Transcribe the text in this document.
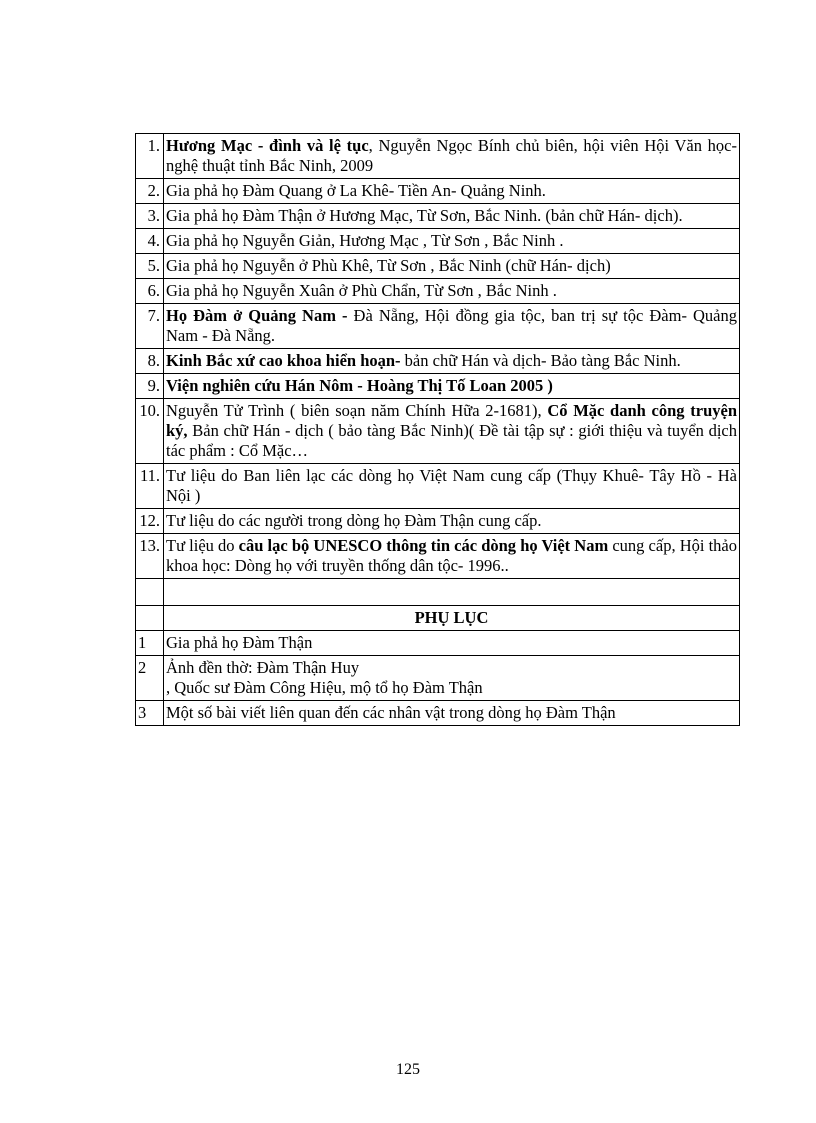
1.	Hương Mạc - đình và lệ tục, Nguyễn Ngọc Bính chủ biên, hội viên Hội Văn học- nghệ thuật tỉnh Bắc Ninh, 2009
2.	Gia phả họ Đàm Quang ở La Khê- Tiền An- Quảng Ninh.
3.	Gia phả họ Đàm Thận ở Hương Mạc, Từ Sơn, Bắc Ninh. (bản chữ Hán- dịch).
4.	Gia phả họ Nguyễn Giản, Hương Mạc , Từ Sơn , Bắc Ninh .
5.	Gia phả họ Nguyễn ở Phù Khê, Từ Sơn , Bắc Ninh (chữ Hán- dịch)
6.	Gia phả họ Nguyễn Xuân ở Phù Chẩn, Từ Sơn , Bắc Ninh .
7.	Họ Đàm ở Quảng Nam - Đà Nẵng, Hội đồng gia tộc, ban trị sự tộc Đàm- Quảng Nam - Đà Nẵng.
8.	Kinh Bắc xứ cao khoa hiển hoạn- bản chữ Hán và dịch- Bảo tàng Bắc Ninh.
9.	Viện nghiên cứu Hán Nôm - Hoàng Thị Tố Loan 2005 )
10.	Nguyễn Tử Trình ( biên soạn năm Chính Hữa 2-1681), Cổ Mặc danh công truyện ký, Bản chữ Hán - dịch ( bảo tàng Bắc Ninh)( Đề tài tập sự : giới thiệu và tuyển dịch tác phẩm : Cổ Mặc…
11.	Tư liệu do Ban liên lạc các dòng họ Việt Nam cung cấp (Thụy Khuê- Tây Hồ - Hà Nội )
12.	Tư liệu do các người trong dòng họ Đàm Thận cung cấp.
13.	Tư liệu do câu lạc bộ UNESCO thông tin các dòng họ Việt Nam cung cấp, Hội thảo khoa học: Dòng họ với truyền thống dân tộc- 1996..

	PHỤ LỤC
1	Gia phả họ Đàm Thận

2	Ảnh đền thờ: Đàm Thận Huy
, Quốc sư Đàm Công Hiệu, mộ tổ họ Đàm Thận

3	Một số bài viết liên quan đến các nhân vật trong dòng họ Đàm Thận
125
